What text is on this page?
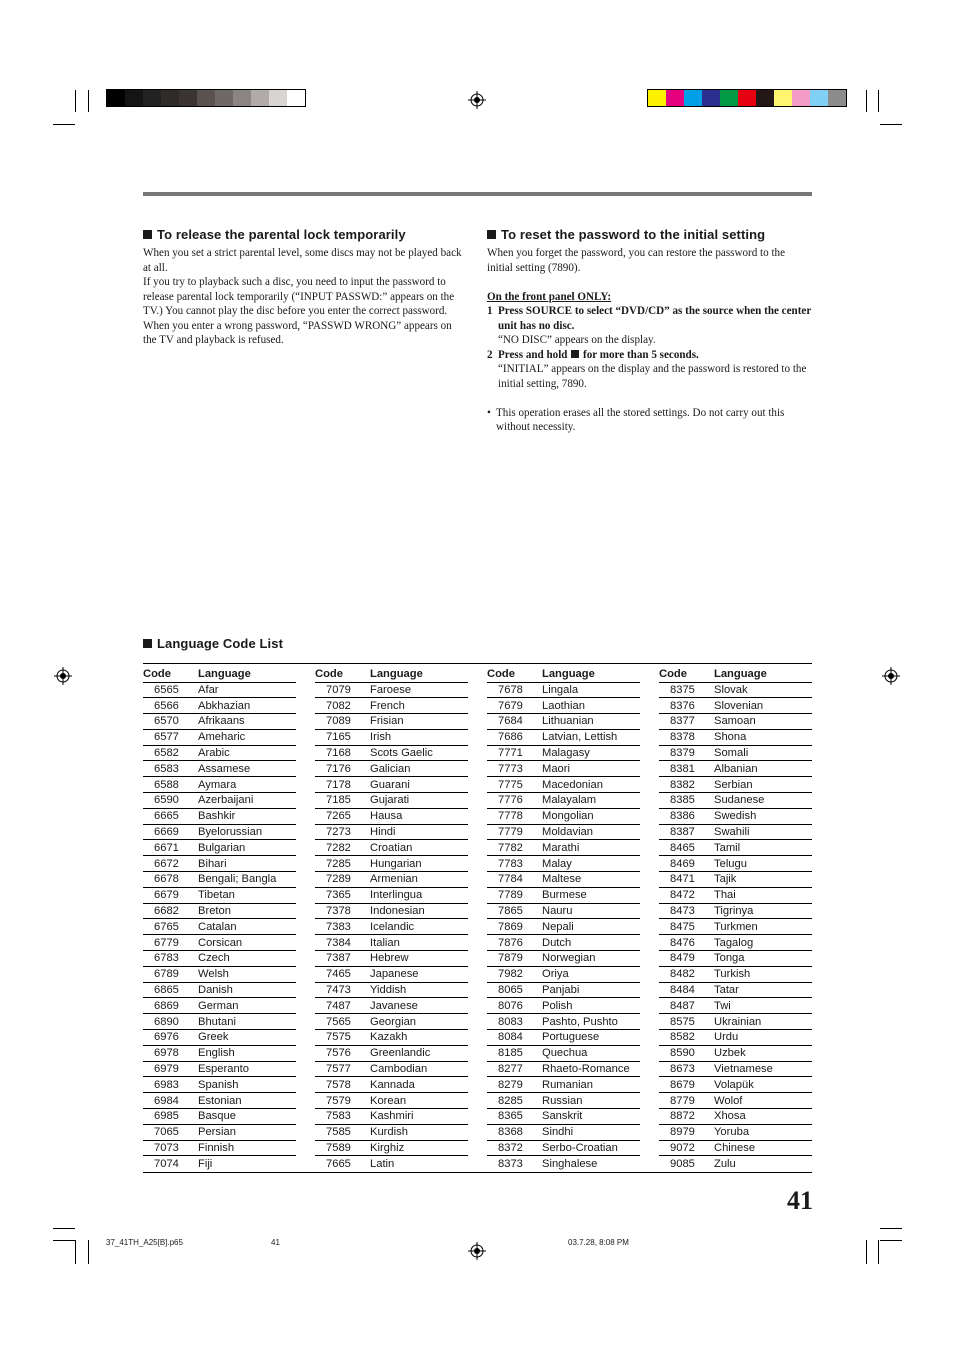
To release the parental lock temporarily

When you set a strict parental level, some discs may not be played back at all.

If you try to playback such a disc, you need to input the password to release parental lock temporarily (“INPUT PASSWD:” appears on the TV.) You cannot play the disc before you enter the correct password.

When you enter a wrong password, “PASSWD WRONG” appears on the TV and playback is refused.

To reset the password to the initial setting

When you forget the password, you can restore the password to the initial setting (7890).

On the front panel ONLY:

1 Press SOURCE to select “DVD/CD” as the source when the center unit has no disc.

“NO DISC” appears on the display.

2 Press and hold for more than 5 seconds.

“INITIAL” appears on the display and the password is restored to the initial setting, 7890.

• This operation erases all the stored settings. Do not carry out this without necessity.

Language Code List
Code	Language
6565	Afar
6566	Abkhazian
6570	Afrikaans
6577	Ameharic
6582	Arabic
6583	Assamese
6588	Aymara
6590	Azerbaijani
6665	Bashkir
6669	Byelorussian
6671	Bulgarian
6672	Bihari
6678	Bengali; Bangla
6679	Tibetan
6682	Breton
6765	Catalan
6779	Corsican
6783	Czech
6789	Welsh
6865	Danish
6869	German
6890	Bhutani
6976	Greek
6978	English
6979	Esperanto
6983	Spanish
6984	Estonian
6985	Basque
7065	Persian
7073	Finnish
7074	Fiji
Code	Language
7079	Faroese
7082	French
7089	Frisian
7165	Irish
7168	Scots Gaelic
7176	Galician
7178	Guarani
7185	Gujarati
7265	Hausa
7273	Hindi
7282	Croatian
7285	Hungarian
7289	Armenian
7365	Interlingua
7378	Indonesian
7383	Icelandic
7384	Italian
7387	Hebrew
7465	Japanese
7473	Yiddish
7487	Javanese
7565	Georgian
7575	Kazakh
7576	Greenlandic
7577	Cambodian
7578	Kannada
7579	Korean
7583	Kashmiri
7585	Kurdish
7589	Kirghiz
7665	Latin
Code	Language
7678	Lingala
7679	Laothian
7684	Lithuanian
7686	Latvian, Lettish
7771	Malagasy
7773	Maori
7775	Macedonian
7776	Malayalam
7778	Mongolian
7779	Moldavian
7782	Marathi
7783	Malay
7784	Maltese
7789	Burmese
7865	Nauru
7869	Nepali
7876	Dutch
7879	Norwegian
7982	Oriya
8065	Panjabi
8076	Polish
8083	Pashto, Pushto
8084	Portuguese
8185	Quechua
8277	Rhaeto-Romance
8279	Rumanian
8285	Russian
8365	Sanskrit
8368	Sindhi
8372	Serbo-Croatian
8373	Singhalese
Code	Language
8375	Slovak
8376	Slovenian
8377	Samoan
8378	Shona
8379	Somali
8381	Albanian
8382	Serbian
8385	Sudanese
8386	Swedish
8387	Swahili
8465	Tamil
8469	Telugu
8471	Tajik
8472	Thai
8473	Tigrinya
8475	Turkmen
8476	Tagalog
8479	Tonga
8482	Turkish
8484	Tatar
8487	Twi
8575	Ukrainian
8582	Urdu
8590	Uzbek
8673	Vietnamese
8679	Volapük
8779	Wolof
8872	Xhosa
8979	Yoruba
9072	Chinese
9085	Zulu
41
37_41TH_A25[B].p65	41	03.7.28, 8:08 PM
